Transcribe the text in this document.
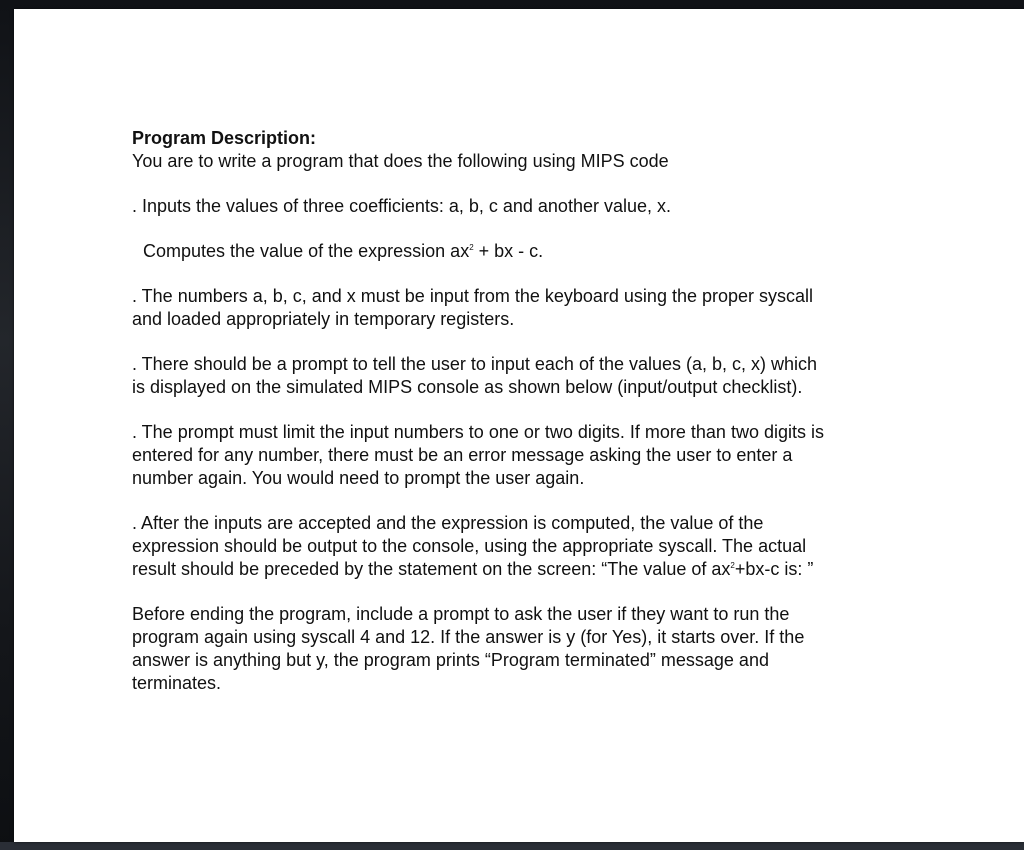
Program Description:
You are to write a program that does the following using MIPS code
. Inputs the values of three coefficients: a, b, c and another value, x.
Computes the value of the expression $ax^2$ + bx - c.
. The numbers a, b, c, and x must be input from the keyboard using the proper syscall
and loaded appropriately in temporary registers.
. There should be a prompt to tell the user to input each of the values (a, b, c, x) which
is displayed on the simulated MIPS console as shown below (input/output checklist).
. The prompt must limit the input numbers to one or two digits. If more than two digits is
entered for any number, there must be an error message asking the user to enter a
number again. You would need to prompt the user again.
. After the inputs are accepted and the expression is computed, the value of the
expression should be output to the console, using the appropriate syscall. The actual
result should be preceded by the statement on the screen: “The value of $ax^2+bx-c$ is: ”
Before ending the program, include a prompt to ask the user if they want to run the
program again using syscall 4 and 12. If the answer is y (for Yes), it starts over. If the
answer is anything but y, the program prints “Program terminated” message and
terminates.
